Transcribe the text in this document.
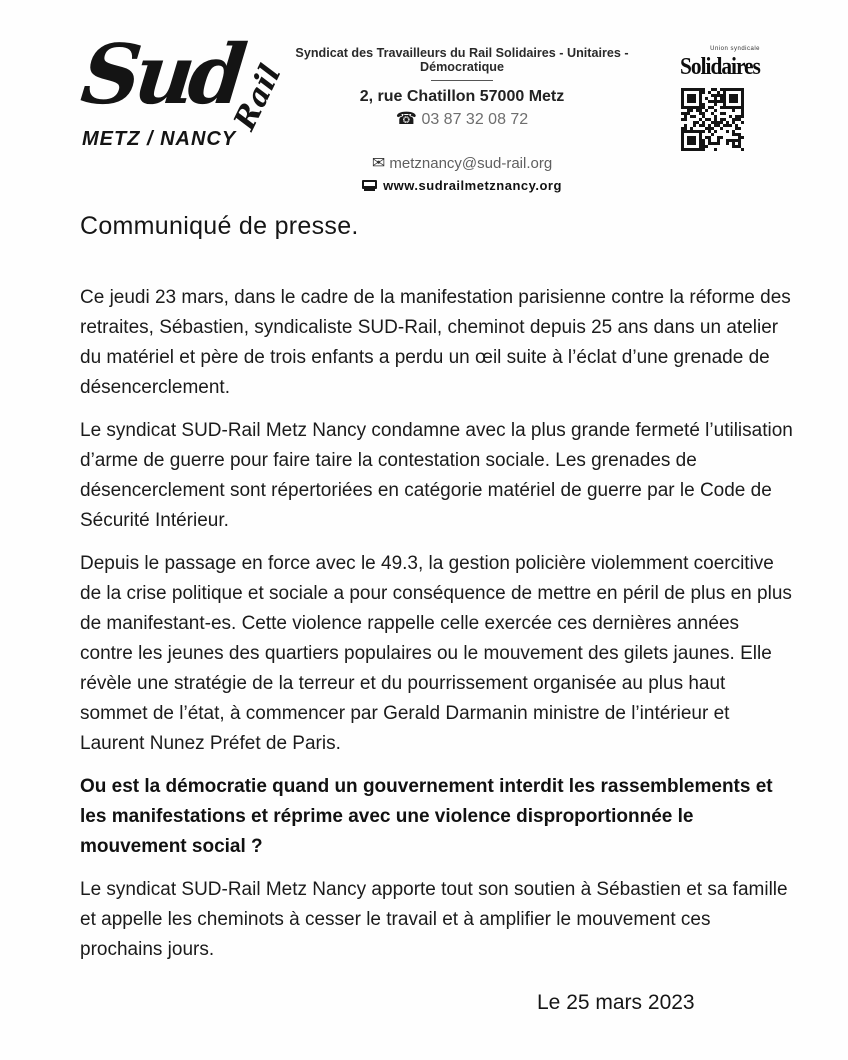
Sud
Rail
METZ / NANCY
Syndicat des Travailleurs du Rail Solidaires - Unitaires - Démocratique
2, rue Chatillon 57000 Metz
☎ 03 87 32 08 72
✉ metznancy@sud-rail.org
www.sudrailmetznancy.org
Union syndicale
Solidaires
Communiqué de presse.

Ce jeudi 23 mars, dans le cadre de la manifestation parisienne contre la réforme des retraites, Sébastien, syndicaliste SUD-Rail, cheminot depuis 25 ans dans un atelier du matériel et père de trois enfants a perdu un œil suite à l’éclat d’une grenade de désencerclement.

Le syndicat SUD-Rail Metz Nancy condamne avec la plus grande fermeté l’utilisation d’arme de guerre pour faire taire la contestation sociale. Les grenades de désencerclement sont répertoriées en catégorie matériel de guerre par le Code de Sécurité Intérieur.

Depuis le passage en force avec le 49.3, la gestion policière violemment coercitive de la crise politique et sociale a pour conséquence de mettre en péril de plus en plus de manifestant-es. Cette violence rappelle celle exercée ces dernières années contre les jeunes des quartiers populaires ou le mouvement des gilets jaunes. Elle révèle une stratégie de la terreur et du pourrissement organisée au plus haut sommet de l’état, à commencer par Gerald Darmanin ministre de l’intérieur et Laurent Nunez Préfet de Paris.

Ou est la démocratie quand un gouvernement interdit les rassemblements et les manifestations et réprime avec une violence disproportionnée le mouvement social ?

Le syndicat SUD-Rail Metz Nancy apporte tout son soutien à Sébastien et sa famille et appelle les cheminots à cesser le travail et à amplifier le mouvement ces prochains jours.

Le 25 mars 2023
